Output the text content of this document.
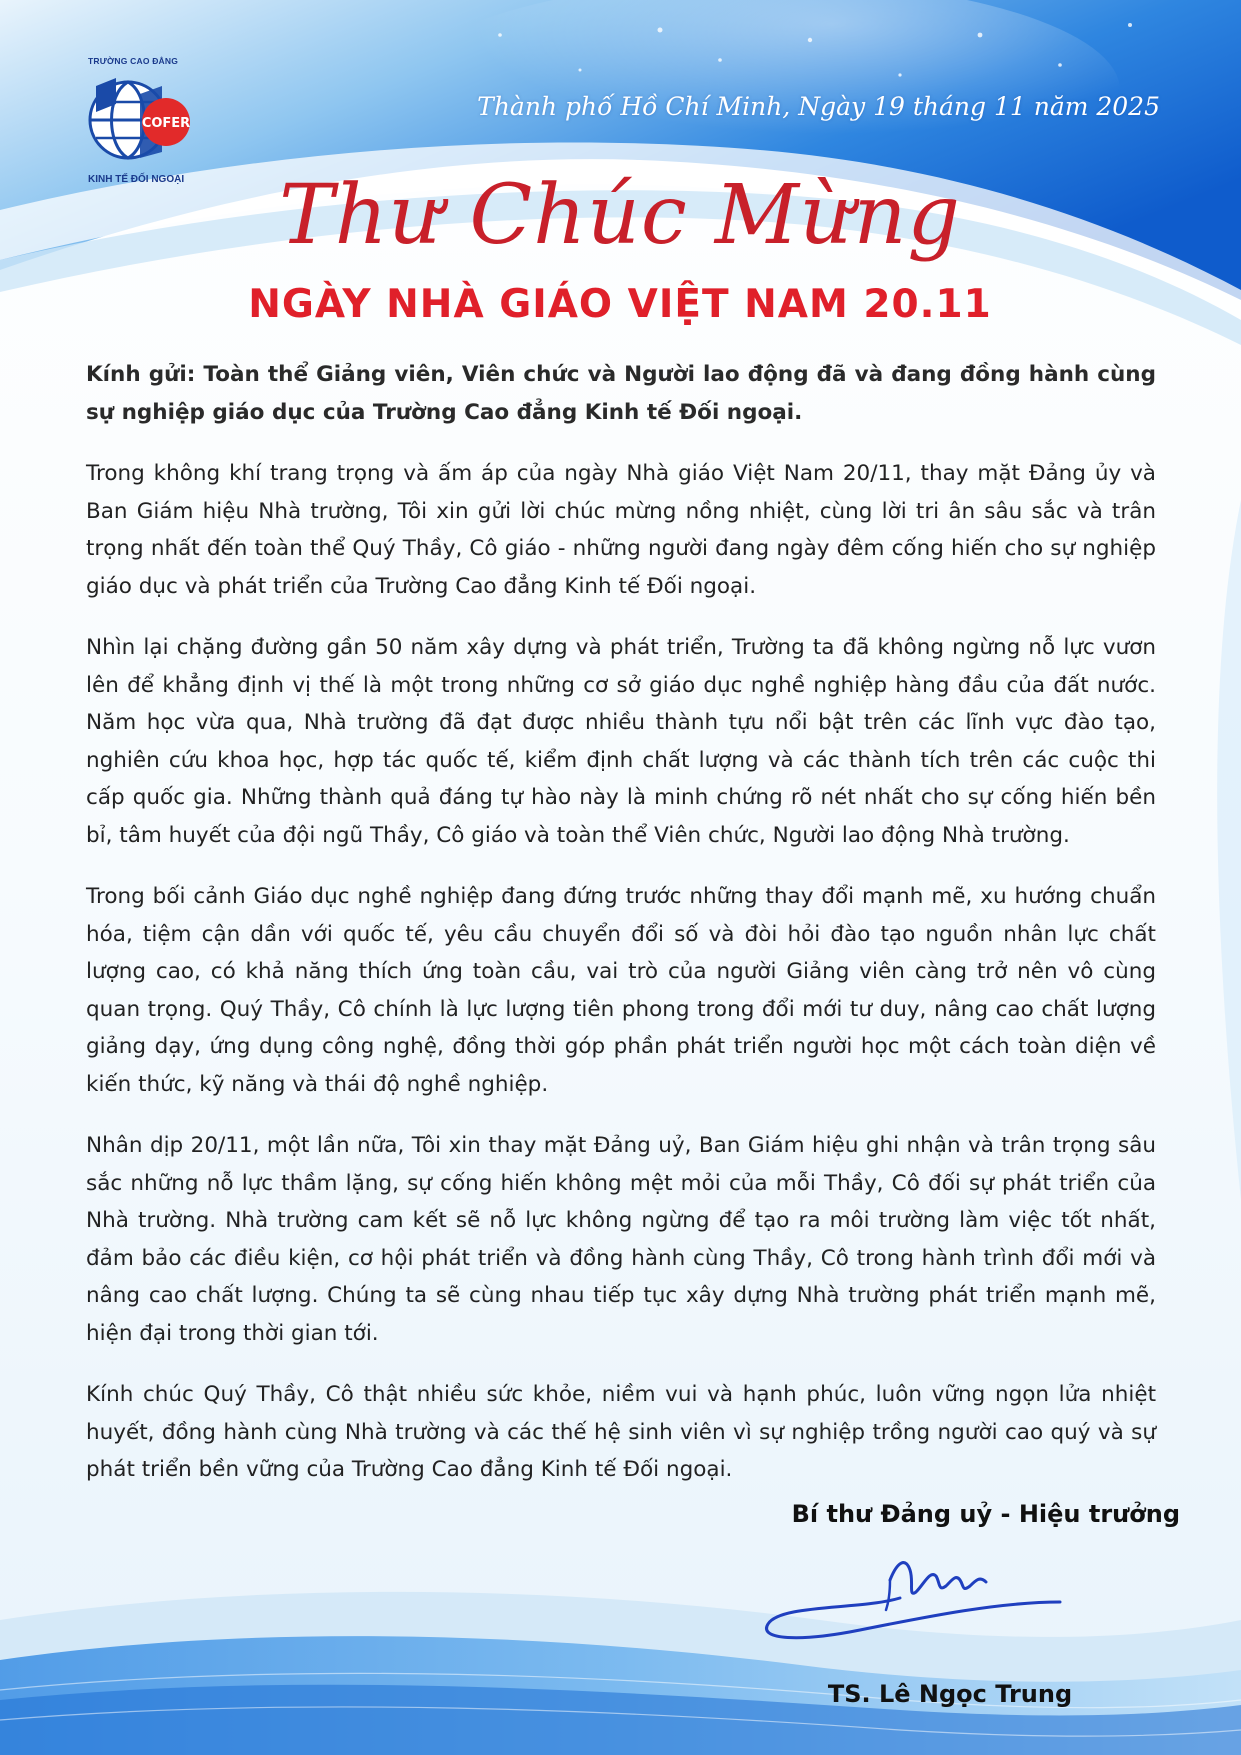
TRƯỜNG CAO ĐẲNG
COFER
KINH TẾ ĐỐI NGOẠI
Thành phố Hồ Chí Minh, Ngày 19 tháng 11 năm 2025
Thư Chúc Mừng
NGÀY NHÀ GIÁO VIỆT NAM 20.11

Kính gửi: Toàn thể Giảng viên, Viên chức và Người lao động đã và đang đồng hành cùng sự nghiệp giáo dục của Trường Cao đẳng Kinh tế Đối ngoại.

Trong không khí trang trọng và ấm áp của ngày Nhà giáo Việt Nam 20/11, thay mặt Đảng ủy và Ban Giám hiệu Nhà trường, Tôi xin gửi lời chúc mừng nồng nhiệt, cùng lời tri ân sâu sắc và trân trọng nhất đến toàn thể Quý Thầy, Cô giáo - những người đang ngày đêm cống hiến cho sự nghiệp giáo dục và phát triển của Trường Cao đẳng Kinh tế Đối ngoại.

Nhìn lại chặng đường gần 50 năm xây dựng và phát triển, Trường ta đã không ngừng nỗ lực vươn lên để khẳng định vị thế là một trong những cơ sở giáo dục nghề nghiệp hàng đầu của đất nước. Năm học vừa qua, Nhà trường đã đạt được nhiều thành tựu nổi bật trên các lĩnh vực đào tạo, nghiên cứu khoa học, hợp tác quốc tế, kiểm định chất lượng và các thành tích trên các cuộc thi cấp quốc gia. Những thành quả đáng tự hào này là minh chứng rõ nét nhất cho sự cống hiến bền bỉ, tâm huyết của đội ngũ Thầy, Cô giáo và toàn thể Viên chức, Người lao động Nhà trường.

Trong bối cảnh Giáo dục nghề nghiệp đang đứng trước những thay đổi mạnh mẽ, xu hướng chuẩn hóa, tiệm cận dần với quốc tế, yêu cầu chuyển đổi số và đòi hỏi đào tạo nguồn nhân lực chất lượng cao, có khả năng thích ứng toàn cầu, vai trò của người Giảng viên càng trở nên vô cùng quan trọng. Quý Thầy, Cô chính là lực lượng tiên phong trong đổi mới tư duy, nâng cao chất lượng giảng dạy, ứng dụng công nghệ, đồng thời góp phần phát triển người học một cách toàn diện về kiến thức, kỹ năng và thái độ nghề nghiệp.

Nhân dịp 20/11, một lần nữa, Tôi xin thay mặt Đảng uỷ, Ban Giám hiệu ghi nhận và trân trọng sâu sắc những nỗ lực thầm lặng, sự cống hiến không mệt mỏi của mỗi Thầy, Cô đối sự phát triển của Nhà trường. Nhà trường cam kết sẽ nỗ lực không ngừng để tạo ra môi trường làm việc tốt nhất, đảm bảo các điều kiện, cơ hội phát triển và đồng hành cùng Thầy, Cô trong hành trình đổi mới và nâng cao chất lượng. Chúng ta sẽ cùng nhau tiếp tục xây dựng Nhà trường phát triển mạnh mẽ, hiện đại trong thời gian tới.

Kính chúc Quý Thầy, Cô thật nhiều sức khỏe, niềm vui và hạnh phúc, luôn vững ngọn lửa nhiệt huyết, đồng hành cùng Nhà trường và các thế hệ sinh viên vì sự nghiệp trồng người cao quý và sự phát triển bền vững của Trường Cao đẳng Kinh tế Đối ngoại.

Bí thư Đảng uỷ - Hiệu trưởng
TS. Lê Ngọc Trung
